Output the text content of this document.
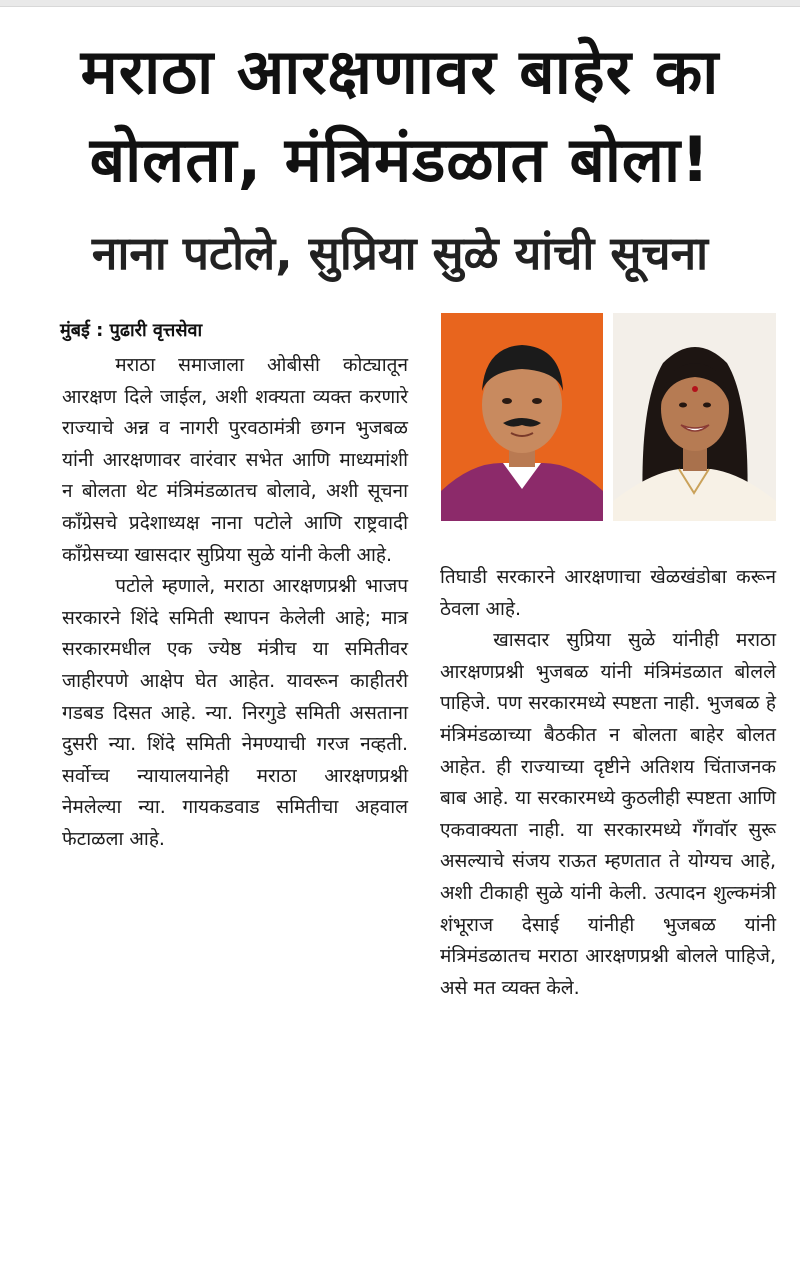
मराठा आरक्षणावर बाहेर का
बोलता, मंत्रिमंडळात बोला!
नाना पटोले, सुप्रिया सुळे यांची सूचना
मुंबई : पुढारी वृत्तसेवा

मराठा समाजाला ओबीसी कोट्यातून आरक्षण दिले जाईल, अशी शक्यता व्यक्त करणारे राज्याचे अन्न व नागरी पुरवठामंत्री छगन भुजबळ यांनी आरक्षणावर वारंवार सभेत आणि माध्यमांशी न बोलता थेट मंत्रिमंडळातच बोलावे, अशी सूचना काँग्रेसचे प्रदेशाध्यक्ष नाना पटोले आणि राष्ट्रवादी काँग्रेसच्या खासदार सुप्रिया सुळे यांनी केली आहे.

पटोले म्हणाले, मराठा आरक्षणप्रश्नी भाजप सरकारने शिंदे समिती स्थापन केलेली आहे; मात्र सरकारमधील एक ज्येष्ठ मंत्रीच या समितीवर जाहीरपणे आक्षेप घेत आहेत. यावरून काहीतरी गडबड दिसत आहे. न्या. निरगुडे समिती असताना दुसरी न्या. शिंदे समिती नेमण्याची गरज नव्हती. सर्वोच्च न्यायालयानेही मराठा आरक्षणप्रश्नी नेमलेल्या न्या. गायकडवाड समितीचा अहवाल फेटाळला आहे.

तिघाडी सरकारने आरक्षणाचा खेळखंडोबा करून ठेवला आहे.

खासदार सुप्रिया सुळे यांनीही मराठा आरक्षणप्रश्नी भुजबळ यांनी मंत्रिमंडळात बोलले पाहिजे. पण सरकारमध्ये स्पष्टता नाही. भुजबळ हे मंत्रिमंडळाच्या बैठकीत न बोलता बाहेर बोलत आहेत. ही राज्याच्या दृष्टीने अतिशय चिंताजनक बाब आहे. या सरकारमध्ये कुठलीही स्पष्टता आणि एकवाक्यता नाही. या सरकारमध्ये गँगवॉर सुरू असल्याचे संजय राऊत म्हणतात ते योग्यच आहे, अशी टीकाही सुळे यांनी केली. उत्पादन शुल्कमंत्री शंभूराज देसाई यांनीही भुजबळ यांनी मंत्रिमंडळातच मराठा आरक्षणप्रश्नी बोलले पाहिजे, असे मत व्यक्त केले.
